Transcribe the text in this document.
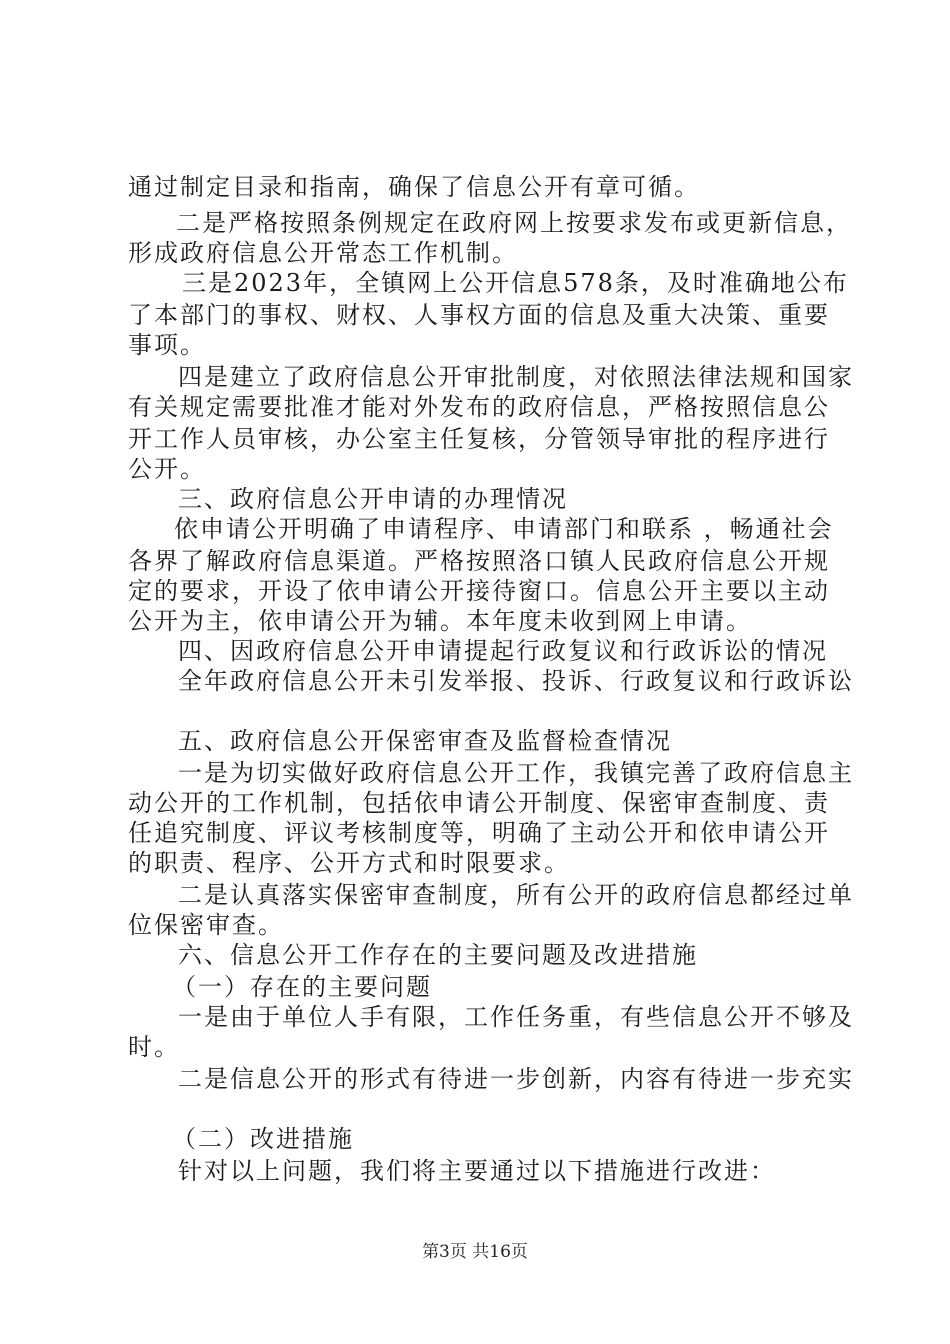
通过制定目录和指南，确保了信息公开有章可循。
二是严格按照条例规定在政府网上按要求发布或更新信息，
形成政府信息公开常态工作机制。
三是2023年，全镇网上公开信息578条，及时准确地公布
了本部门的事权、财权、人事权方面的信息及重大决策、重要
事项。
四是建立了政府信息公开审批制度，对依照法律法规和国家
有关规定需要批准才能对外发布的政府信息，严格按照信息公
开工作人员审核，办公室主任复核，分管领导审批的程序进行
公开。
三、政府信息公开申请的办理情况
依申请公开明确了申请程序、申请部门和联系 ，畅通社会
各界了解政府信息渠道。严格按照洛口镇人民政府信息公开规
定的要求，开设了依申请公开接待窗口。信息公开主要以主动
公开为主，依申请公开为辅。本年度未收到网上申请。
四、因政府信息公开申请提起行政复议和行政诉讼的情况
全年政府信息公开未引发举报、投诉、行政复议和行政诉讼
五、政府信息公开保密审查及监督检查情况
一是为切实做好政府信息公开工作，我镇完善了政府信息主
动公开的工作机制，包括依申请公开制度、保密审查制度、责
任追究制度、评议考核制度等，明确了主动公开和依申请公开
的职责、程序、公开方式和时限要求。
二是认真落实保密审查制度，所有公开的政府信息都经过单
位保密审查。
六、信息公开工作存在的主要问题及改进措施
（一）存在的主要问题
一是由于单位人手有限，工作任务重，有些信息公开不够及
时。
二是信息公开的形式有待进一步创新，内容有待进一步充实
（二）改进措施
针对以上问题，我们将主要通过以下措施进行改进：
第3页 共16页
